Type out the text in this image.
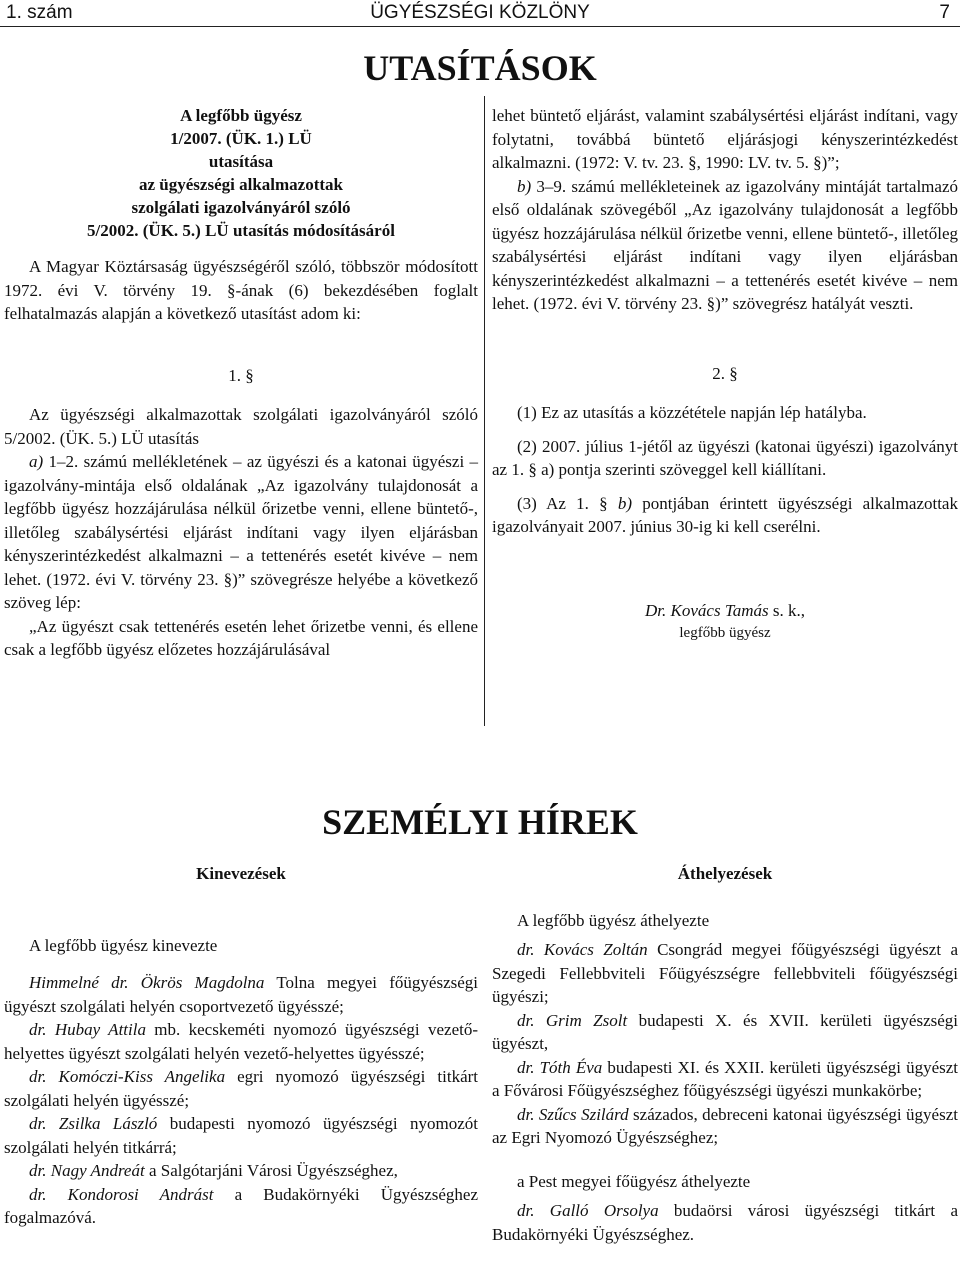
1. szám	ÜGYÉSZSÉGI KÖZLÖNY	7
UTASÍTÁSOK
A legfőbb ügyész
1/2007. (ÜK. 1.) LÜ
utasítása
az ügyészségi alkalmazottak
szolgálati igazolványáról szóló
5/2002. (ÜK. 5.) LÜ utasítás módosításáról

A Magyar Köztársaság ügyészségéről szóló, többször módosított 1972. évi V. törvény 19. §-ának (6) bekezdésében foglalt felhatalmazás alapján a következő utasítást adom ki:

1. §

Az ügyészségi alkalmazottak szolgálati igazolványáról szóló 5/2002. (ÜK. 5.) LÜ utasítás

a) 1–2. számú mellékletének – az ügyészi és a katonai ügyészi – igazolvány-mintája első oldalának „Az igazolvány tulajdonosát a legfőbb ügyész hozzájárulása nélkül őrizetbe venni, ellene büntető-, illetőleg szabálysértési eljárást indítani vagy ilyen eljárásban kényszerintézkedést alkalmazni – a tettenérés esetét kivéve – nem lehet. (1972. évi V. törvény 23. §)” szövegrésze helyébe a következő szöveg lép:

„Az ügyészt csak tettenérés esetén lehet őrizetbe venni, és ellene csak a legfőbb ügyész előzetes hozzájárulásával

lehet büntető eljárást, valamint szabálysértési eljárást indítani, vagy folytatni, továbbá büntető eljárásjogi kényszerintézkedést alkalmazni. (1972: V. tv. 23. §, 1990: LV. tv. 5. §)”;

b) 3–9. számú mellékleteinek az igazolvány mintáját tartalmazó első oldalának szövegéből „Az igazolvány tulajdonosát a legfőbb ügyész hozzájárulása nélkül őrizetbe venni, ellene büntető-, illetőleg szabálysértési eljárást indítani vagy ilyen eljárásban kényszerintézkedést alkalmazni – a tettenérés esetét kivéve – nem lehet. (1972. évi V. törvény 23. §)” szövegrész hatályát veszti.

2. §

(1) Ez az utasítás a közzététele napján lép hatályba.

(2) 2007. július 1-jétől az ügyészi (katonai ügyészi) igazolványt az 1. § a) pontja szerinti szöveggel kell kiállítani.

(3) Az 1. § b) pontjában érintett ügyészségi alkalmazottak igazolványait 2007. június 30-ig ki kell cserélni.

Dr. Kovács Tamás s. k.,

legfőbb ügyész

SZEMÉLYI HÍREK

Kinevezések

A legfőbb ügyész kinevezte

Himmelné dr. Ökrös Magdolna Tolna megyei főügyészségi ügyészt szolgálati helyén csoportvezető ügyésszé;

dr. Hubay Attila mb. kecskeméti nyomozó ügyészségi vezető-helyettes ügyészt szolgálati helyén vezető-helyettes ügyésszé;

dr. Komóczi-Kiss Angelika egri nyomozó ügyészségi titkárt szolgálati helyén ügyésszé;

dr. Zsilka László budapesti nyomozó ügyészségi nyomozót szolgálati helyén titkárrá;

dr. Nagy Andreát a Salgótarjáni Városi Ügyészséghez,

dr. Kondorosi Andrást a Budakörnyéki Ügyészséghez fogalmazóvá.

Áthelyezések

A legfőbb ügyész áthelyezte

dr. Kovács Zoltán Csongrád megyei főügyészségi ügyészt a Szegedi Fellebbviteli Főügyészségre fellebbviteli főügyészségi ügyészi;

dr. Grim Zsolt budapesti X. és XVII. kerületi ügyészségi ügyészt,

dr. Tóth Éva budapesti XI. és XXII. kerületi ügyészségi ügyészt a Fővárosi Főügyészséghez főügyészségi ügyészi munkakörbe;

dr. Szűcs Szilárd százados, debreceni katonai ügyészségi ügyészt az Egri Nyomozó Ügyészséghez;

a Pest megyei főügyész áthelyezte

dr. Galló Orsolya budaörsi városi ügyészségi titkárt a Budakörnyéki Ügyészséghez.
